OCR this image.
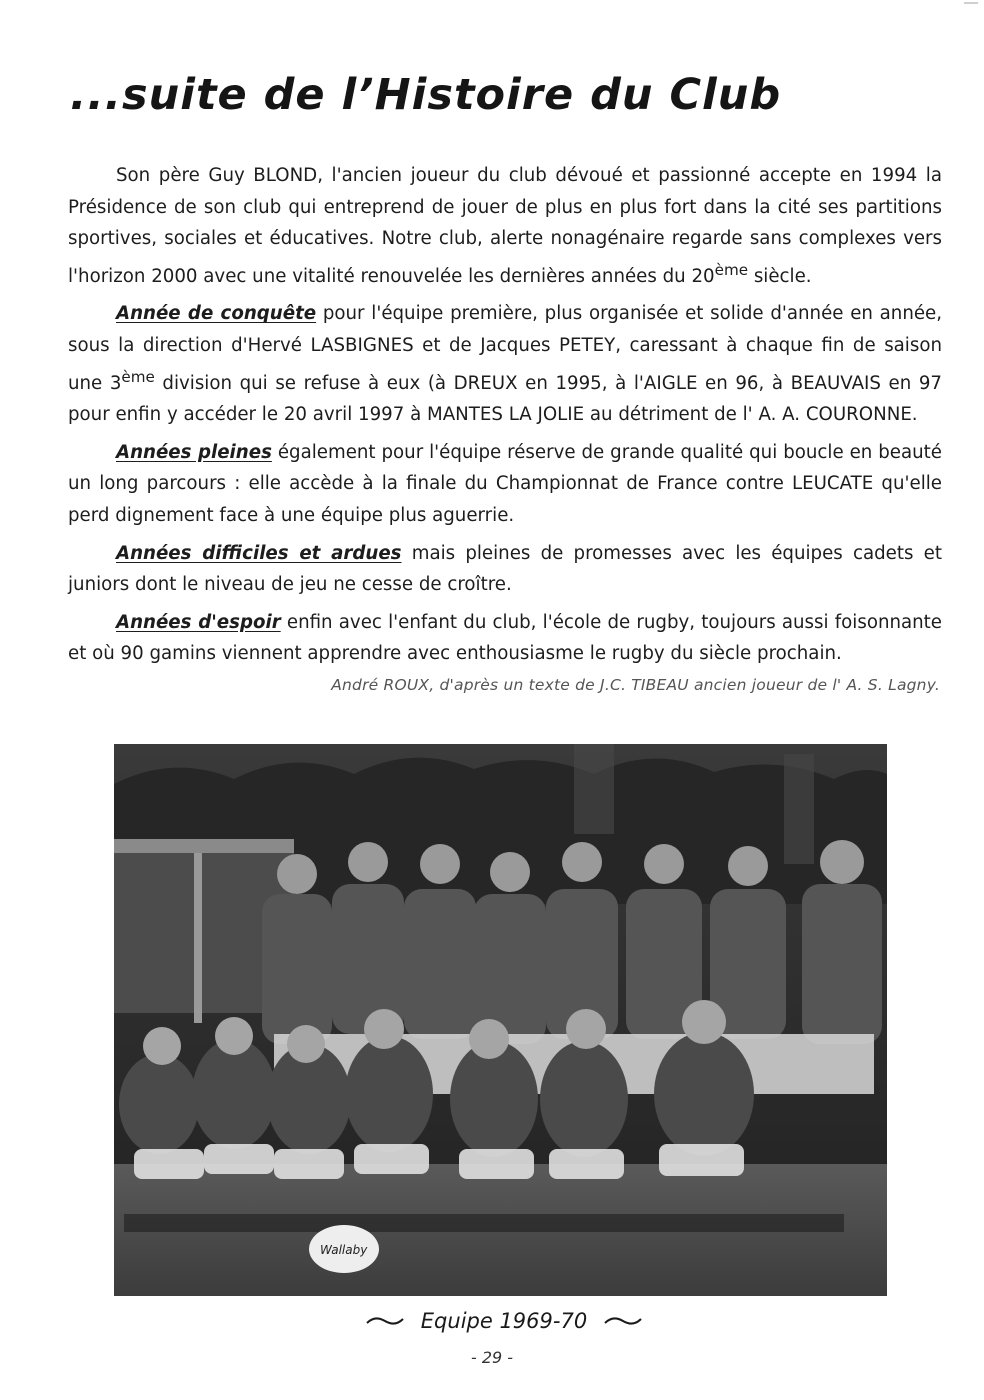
...suite de l’Histoire du Club

Son père Guy BLOND, l'ancien joueur du club dévoué et passionné accepte en 1994 la Présidence de son club qui entreprend de jouer de plus en plus fort dans la cité ses partitions sportives, sociales et éducatives. Notre club, alerte nonagénaire regarde sans complexes vers l'horizon 2000 avec une vitalité renouvelée les dernières années du 20ème siècle.

Année de conquête pour l'équipe première, plus organisée et solide d'année en année, sous la direction d'Hervé LASBIGNES et de Jacques PETEY, caressant à chaque fin de saison une 3ème division qui se refuse à eux (à DREUX en 1995, à l'AIGLE en 96, à BEAUVAIS en 97 pour enfin y accéder le 20 avril 1997 à MANTES LA JOLIE au détriment de l' A. A. COURONNE.

Années pleines également pour l'équipe réserve de grande qualité qui boucle en beauté un long parcours : elle accède à la finale du Championnat de France contre LEUCATE qu'elle perd dignement face à une équipe plus aguerrie.

Années difficiles et ardues mais pleines de promesses avec les équipes cadets et juniors dont le niveau de jeu ne cesse de croître.

Années d'espoir enfin avec l'enfant du club, l'école de rugby, toujours aussi foisonnante et où 90 gamins viennent apprendre avec enthousiasme le rugby du siècle prochain.

André ROUX, d'après un texte de J.C. TIBEAU ancien joueur de l' A. S. Lagny.

Wallaby
Equipe 1969-70
- 29 -
